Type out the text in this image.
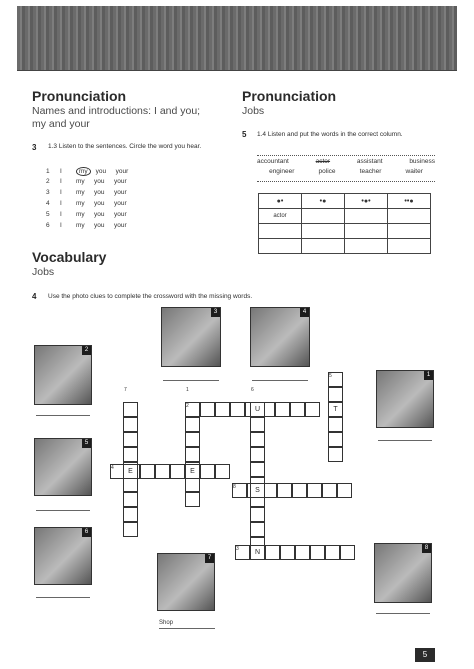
Pronunciation
Names and introductions: I and you;
my and your
3 1.3 Listen to the sentences. Circle the word you hear.
1 I	my you your
2 I my you your
3 I my you your
4 I my you your
5 I my you your
6 I my you your
Pronunciation
Jobs
5 1.4 Listen and put the words in the correct column.
accountant	actor	assistant	business
engineer	police	teacher	waiter
●•	•●	•●•	••●
actor			

Vocabulary
Jobs
4 Use the photo clues to complete the crossword with the missing words.
1
2
3	4
5
6
7
8
Shop
U	T
E	E
S
N
7	1	6
5
2
4
8
3
5
